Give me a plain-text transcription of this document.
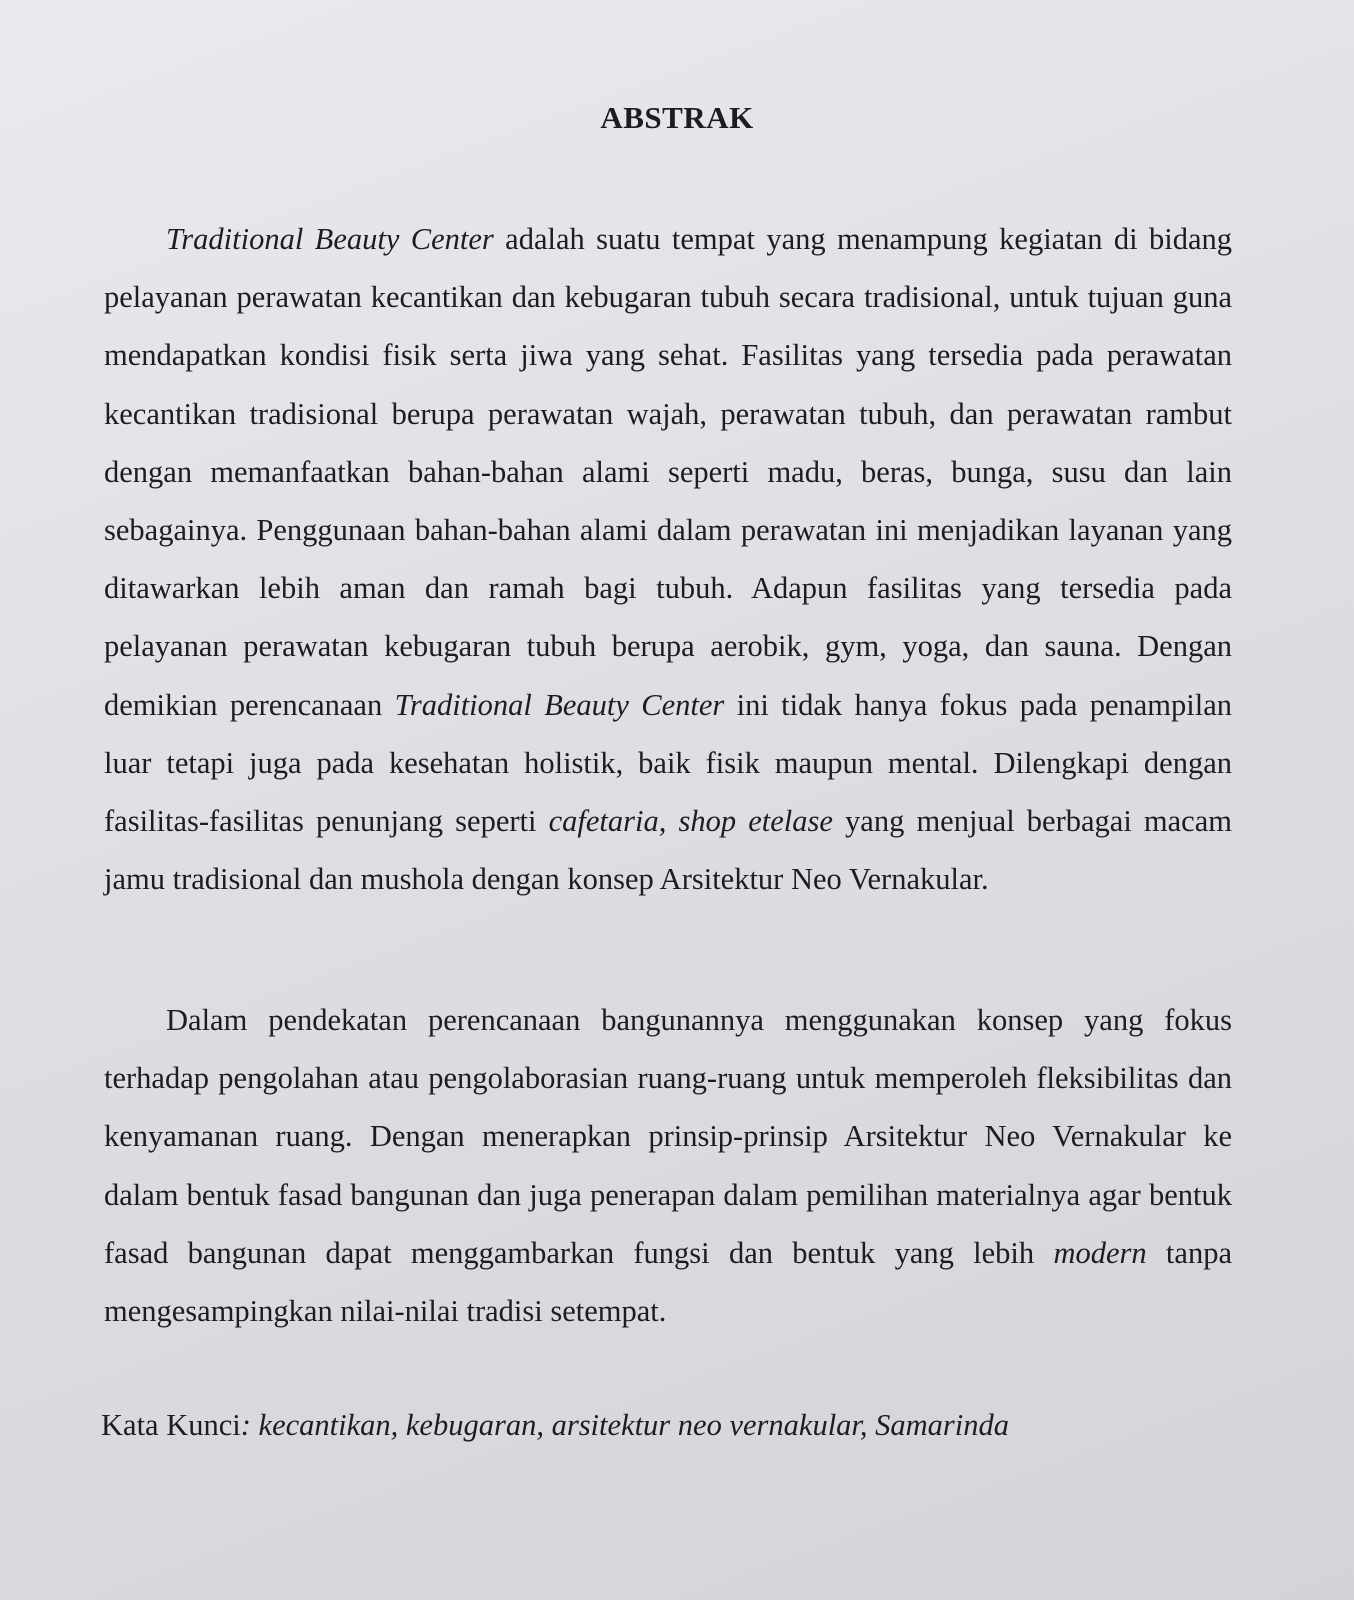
ABSTRAK

Traditional Beauty Center adalah suatu tempat yang menampung kegiatan di bidang pelayanan perawatan kecantikan dan kebugaran tubuh secara tradisional, untuk tujuan guna mendapatkan kondisi fisik serta jiwa yang sehat. Fasilitas yang tersedia pada perawatan kecantikan tradisional berupa perawatan wajah, perawatan tubuh, dan perawatan rambut dengan memanfaatkan bahan-bahan alami seperti madu, beras, bunga, susu dan lain sebagainya. Penggunaan bahan-bahan alami dalam perawatan ini menjadikan layanan yang ditawarkan lebih aman dan ramah bagi tubuh. Adapun fasilitas yang tersedia pada pelayanan perawatan kebugaran tubuh berupa aerobik, gym, yoga, dan sauna. Dengan demikian perencanaan Traditional Beauty Center ini tidak hanya fokus pada penampilan luar tetapi juga pada kesehatan holistik, baik fisik maupun mental. Dilengkapi dengan fasilitas-fasilitas penunjang seperti cafetaria, shop etelase yang menjual berbagai macam jamu tradisional dan mushola dengan konsep Arsitektur Neo Vernakular.

Dalam pendekatan perencanaan bangunannya menggunakan konsep yang fokus terhadap pengolahan atau pengolaborasian ruang-ruang untuk memperoleh fleksibilitas dan kenyamanan ruang. Dengan menerapkan prinsip-prinsip Arsitektur Neo Vernakular ke dalam bentuk fasad bangunan dan juga penerapan dalam pemilihan materialnya agar bentuk fasad bangunan dapat menggambarkan fungsi dan bentuk yang lebih modern tanpa mengesampingkan nilai-nilai tradisi setempat.

Kata Kunci: kecantikan, kebugaran, arsitektur neo vernakular, Samarinda
